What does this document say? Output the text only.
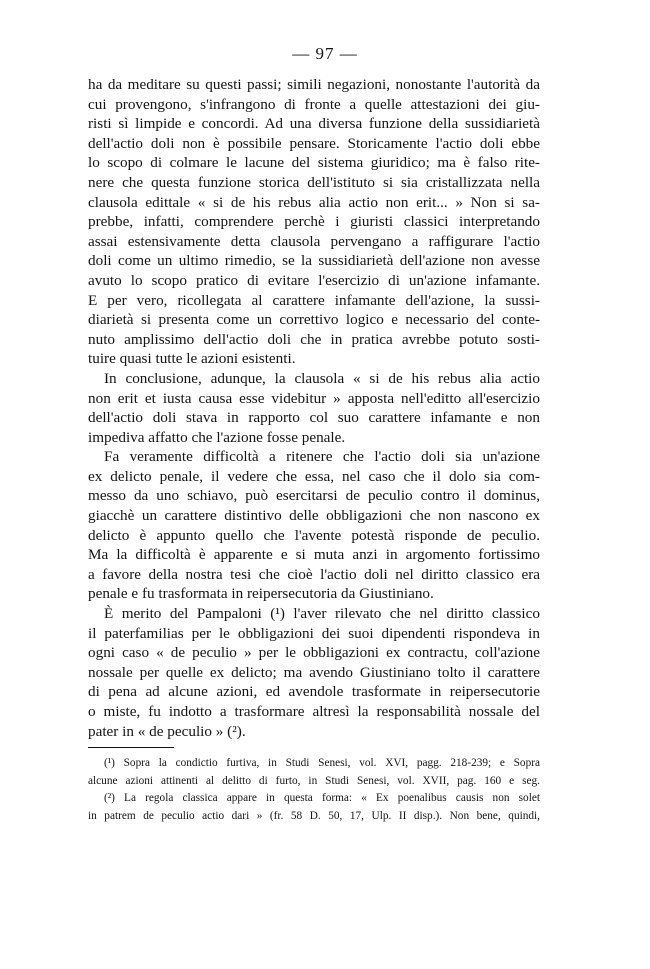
— 97 —
ha da meditare su questi passi; simili negazioni, nonostante l'autorità da
cui provengono, s'infrangono di fronte a quelle attestazioni dei giu-
risti sì limpide e concordi. Ad una diversa funzione della sussidiarietà
dell'actio doli non è possibile pensare. Storicamente l'actio doli ebbe
lo scopo di colmare le lacune del sistema giuridico; ma è falso rite-
nere che questa funzione storica dell'istituto si sia cristallizzata nella
clausola edittale « si de his rebus alia actio non erit... » Non si sa-
prebbe, infatti, comprendere perchè i giuristi classici interpretando
assai estensivamente detta clausola pervengano a raffigurare l'actio
doli come un ultimo rimedio, se la sussidiarietà dell'azione non avesse
avuto lo scopo pratico di evitare l'esercizio di un'azione infamante.
E per vero, ricollegata al carattere infamante dell'azione, la sussi-
diarietà si presenta come un correttivo logico e necessario del conte-
nuto amplissimo dell'actio doli che in pratica avrebbe potuto sosti-
tuire quasi tutte le azioni esistenti.
In conclusione, adunque, la clausola « si de his rebus alia actio
non erit et iusta causa esse videbitur » apposta nell'editto all'esercizio
dell'actio doli stava in rapporto col suo carattere infamante e non
impediva affatto che l'azione fosse penale.
Fa veramente difficoltà a ritenere che l'actio doli sia un'azione
ex delicto penale, il vedere che essa, nel caso che il dolo sia com-
messo da uno schiavo, può esercitarsi de peculio contro il dominus,
giacchè un carattere distintivo delle obbligazioni che non nascono ex
delicto è appunto quello che l'avente potestà risponde de peculio.
Ma la difficoltà è apparente e si muta anzi in argomento fortissimo
a favore della nostra tesi che cioè l'actio doli nel diritto classico era
penale e fu trasformata in reipersecutoria da Giustiniano.
È merito del Pampaloni (¹) l'aver rilevato che nel diritto classico
il paterfamilias per le obbligazioni dei suoi dipendenti rispondeva in
ogni caso « de peculio » per le obbligazioni ex contractu, coll'azione
nossale per quelle ex delicto; ma avendo Giustiniano tolto il carattere
di pena ad alcune azioni, ed avendole trasformate in reipersecutorie
o miste, fu indotto a trasformare altresì la responsabilità nossale del
pater in « de peculio » (²).
(¹) Sopra la condictio furtiva, in Studi Senesi, vol. XVI, pagg. 218-239; e Sopra
alcune azioni attinenti al delitto di furto, in Studi Senesi, vol. XVII, pag. 160 e seg.
(²) La regola classica appare in questa forma: « Ex poenalibus causis non solet
in patrem de peculio actio dari » (fr. 58 D. 50, 17, Ulp. II disp.). Non bene, quindi,
